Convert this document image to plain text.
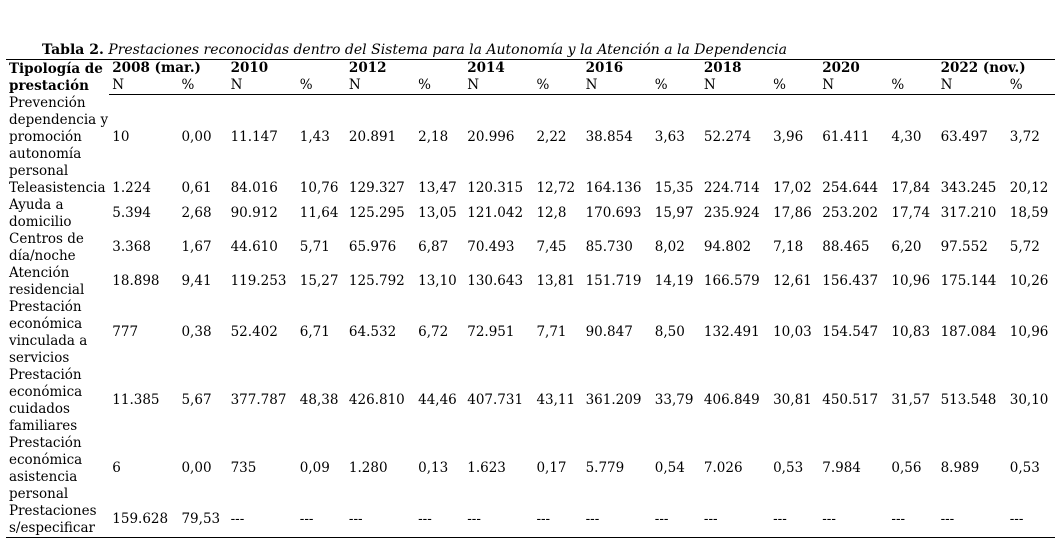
Tabla 2. Prestaciones reconocidas dentro del Sistema para la Autonomía y la Atención a la Dependencia
Tipología de
prestación	2008 (mar.)		2010		2012		2014		2016		2018		2020		2022 (nov.)	
	N	%	N	%	N	%	N	%	N	%	N	%	N	%	N	%
Prevención dependencia y promoción autonomía personal	10	0,00	11.147	1,43	20.891	2,18	20.996	2,22	38.854	3,63	52.274	3,96	61.411	4,30	63.497	3,72
Teleasistencia	1.224	0,61	84.016	10,76	129.327	13,47	120.315	12,72	164.136	15,35	224.714	17,02	254.644	17,84	343.245	20,12
Ayuda a domicilio	5.394	2,68	90.912	11,64	125.295	13,05	121.042	12,8	170.693	15,97	235.924	17,86	253.202	17,74	317.210	18,59
Centros de día/noche	3.368	1,67	44.610	5,71	65.976	6,87	70.493	7,45	85.730	8,02	94.802	7,18	88.465	6,20	97.552	5,72
Atención residencial	18.898	9,41	119.253	15,27	125.792	13,10	130.643	13,81	151.719	14,19	166.579	12,61	156.437	10,96	175.144	10,26
Prestación económica vinculada a servicios	777	0,38	52.402	6,71	64.532	6,72	72.951	7,71	90.847	8,50	132.491	10,03	154.547	10,83	187.084	10,96
Prestación económica cuidados familiares	11.385	5,67	377.787	48,38	426.810	44,46	407.731	43,11	361.209	33,79	406.849	30,81	450.517	31,57	513.548	30,10
Prestación económica asistencia personal	6	0,00	735	0,09	1.280	0,13	1.623	0,17	5.779	0,54	7.026	0,53	7.984	0,56	8.989	0,53
Prestaciones s/especificar	159.628	79,53	---	---	---	---	---	---	---	---	---	---	---	---	---	---
